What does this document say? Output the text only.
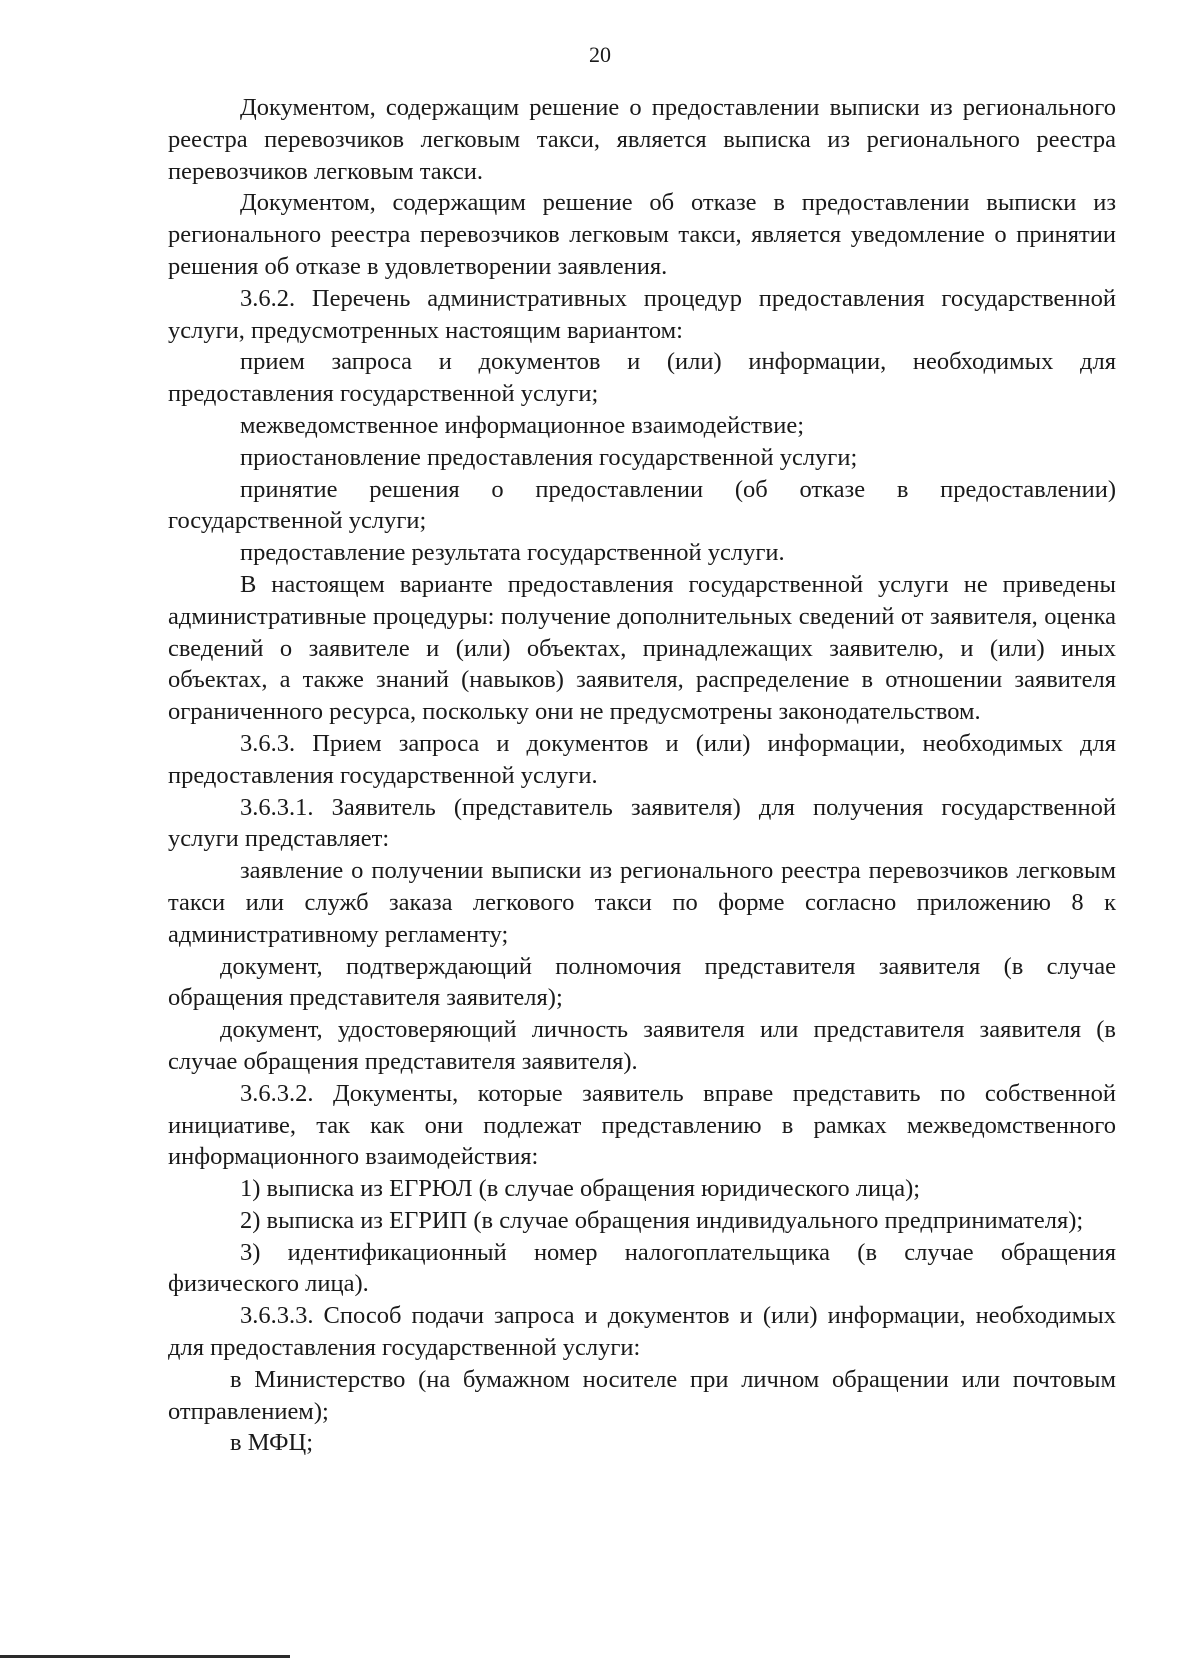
20

Документом, содержащим решение о предоставлении выписки из регионального реестра перевозчиков легковым такси, является выписка из регионального реестра перевозчиков легковым такси.

Документом, содержащим решение об отказе в предоставлении выписки из регионального реестра перевозчиков легковым такси, является уведомление о принятии решения об отказе в удовлетворении заявления.

3.6.2. Перечень административных процедур предоставления государственной услуги, предусмотренных настоящим вариантом:

прием запроса и документов и (или) информации, необходимых для предоставления государственной услуги;

межведомственное информационное взаимодействие;

приостановление предоставления государственной услуги;

принятие решения о предоставлении (об отказе в предоставлении) государственной услуги;

предоставление результата государственной услуги.

В настоящем варианте предоставления государственной услуги не приведены административные процедуры: получение дополнительных сведений от заявителя, оценка сведений о заявителе и (или) объектах, принадлежащих заявителю, и (или) иных объектах, а также знаний (навыков) заявителя, распределение в отношении заявителя ограниченного ресурса, поскольку они не предусмотрены законодательством.

3.6.3. Прием запроса и документов и (или) информации, необходимых для предоставления государственной услуги.

3.6.3.1. Заявитель (представитель заявителя) для получения государственной услуги представляет:

заявление о получении выписки из регионального реестра перевозчиков легковым такси или служб заказа легкового такси по форме согласно приложению 8 к административному регламенту;

документ, подтверждающий полномочия представителя заявителя (в случае обращения представителя заявителя);

документ, удостоверяющий личность заявителя или представителя заявителя (в случае обращения представителя заявителя).

3.6.3.2. Документы, которые заявитель вправе представить по собственной инициативе, так как они подлежат представлению в рамках межведомственного информационного взаимодействия:

1) выписка из ЕГРЮЛ (в случае обращения юридического лица);

2) выписка из ЕГРИП (в случае обращения индивидуального предпринимателя);

3) идентификационный номер налогоплательщика (в случае обращения физического лица).

3.6.3.3. Способ подачи запроса и документов и (или) информации, необходимых для предоставления государственной услуги:

в Министерство (на бумажном носителе при личном обращении или почтовым отправлением);

в МФЦ;
